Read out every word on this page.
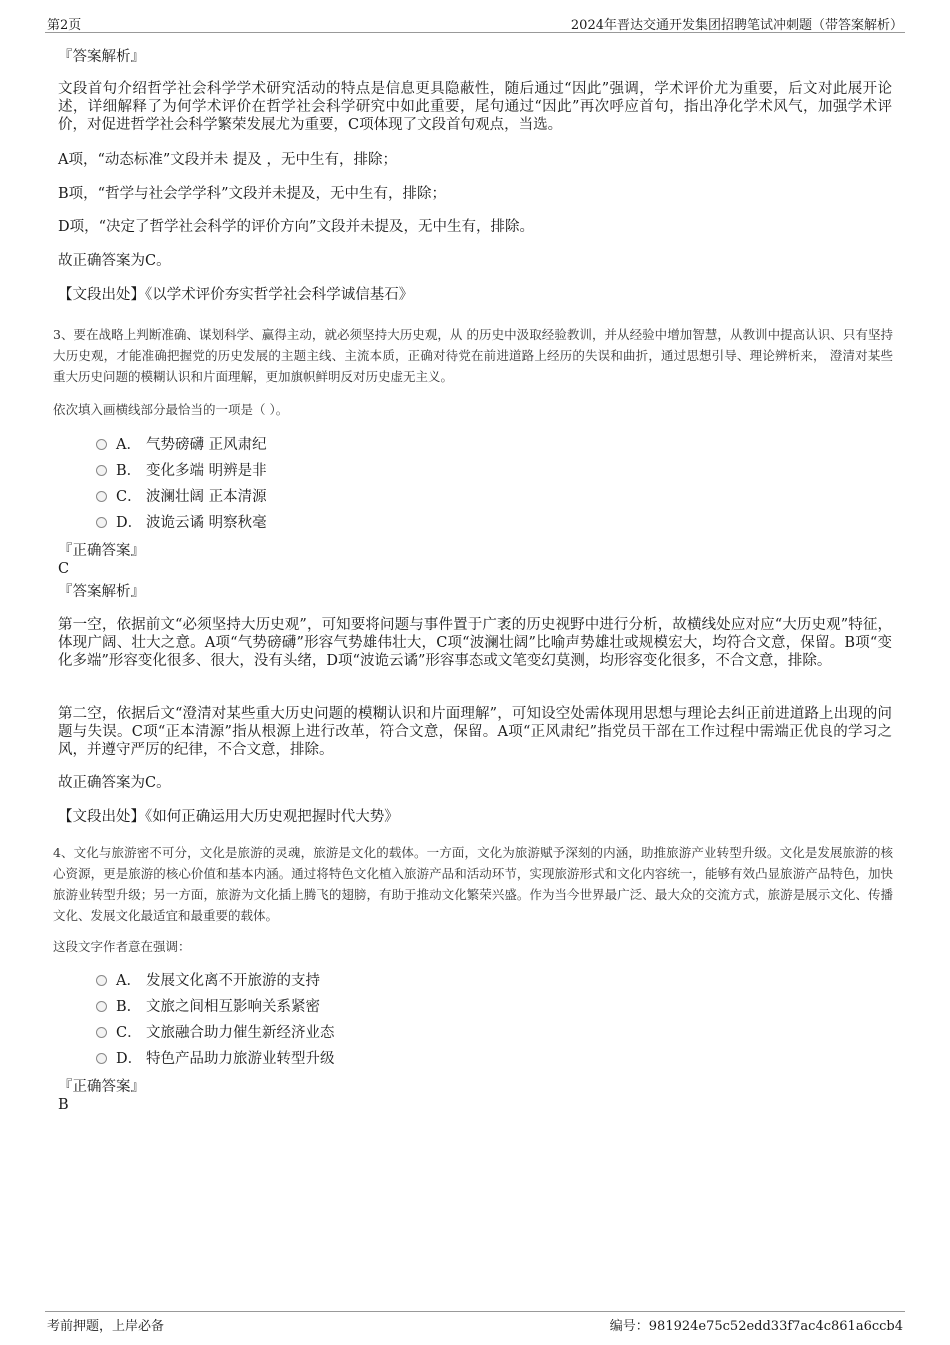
第2页	2024年晋达交通开发集团招聘笔试冲刺题（带答案解析）
『答案解析』
文段首句介绍哲学社会科学学术研究活动的特点是信息更具隐蔽性，随后通过“因此”强调，学术评价尤为重要，后文对此展开论述，详细解释了为何学术评价在哲学社会科学研究中如此重要，尾句通过“因此”再次呼应首句，指出净化学术风气，加强学术评价，对促进哲学社会科学繁荣发展尤为重要，C项体现了文段首句观点，当选。
A项，“动态标准”文段并未 提及 ，无中生有，排除；
B项，“哲学与社会学学科”文段并未提及，无中生有，排除；
D项，“决定了哲学社会科学的评价方向”文段并未提及，无中生有，排除。
故正确答案为C。
【文段出处】《以学术评价夯实哲学社会科学诚信基石》
3、要在战略上判断准确、谋划科学、赢得主动，就必须坚持大历史观，从 的历史中汲取经验教训，并从经验中增加智慧，从教训中提高认识、只有坚持大历史观，才能准确把握党的历史发展的主题主线、主流本质，正确对待党在前进道路上经历的失误和曲折，通过思想引导、理论辨析来， 澄清对某些重大历史问题的模糊认识和片面理解，更加旗帜鲜明反对历史虚无主义。
依次填入画横线部分最恰当的一项是（ ）。
A． 气势磅礴 正风肃纪
B． 变化多端 明辨是非
C． 波澜壮阔 正本清源
D． 波诡云谲 明察秋毫
『正确答案』
C
『答案解析』
第一空，依据前文“必须坚持大历史观”，可知要将问题与事件置于广袤的历史视野中进行分析，故横线处应对应“大历史观”特征，体现广阔、壮大之意。A项“气势磅礴”形容气势雄伟壮大，C项“波澜壮阔”比喻声势雄壮或规模宏大，均符合文意，保留。B项“变化多端”形容变化很多、很大，没有头绪，D项“波诡云谲”形容事态或文笔变幻莫测，均形容变化很多，不合文意，排除。
第二空，依据后文“澄清对某些重大历史问题的模糊认识和片面理解”，可知设空处需体现用思想与理论去纠正前进道路上出现的问题与失误。C项“正本清源”指从根源上进行改革，符合文意，保留。A项“正风肃纪”指党员干部在工作过程中需端正优良的学习之风，并遵守严厉的纪律，不合文意，排除。
故正确答案为C。
【文段出处】《如何正确运用大历史观把握时代大势》
4、文化与旅游密不可分，文化是旅游的灵魂，旅游是文化的载体。一方面，文化为旅游赋予深刻的内涵，助推旅游产业转型升级。文化是发展旅游的核心资源，更是旅游的核心价值和基本内涵。通过将特色文化植入旅游产品和活动环节，实现旅游形式和文化内容统一，能够有效凸显旅游产品特色，加快旅游业转型升级；另一方面，旅游为文化插上腾飞的翅膀，有助于推动文化繁荣兴盛。作为当今世界最广泛、最大众的交流方式，旅游是展示文化、传播文化、发展文化最适宜和最重要的载体。
这段文字作者意在强调：
A． 发展文化离不开旅游的支持
B． 文旅之间相互影响关系紧密
C． 文旅融合助力催生新经济业态
D． 特色产品助力旅游业转型升级
『正确答案』
B
考前押题，上岸必备	编号：981924e75c52edd33f7ac4c861a6ccb4
